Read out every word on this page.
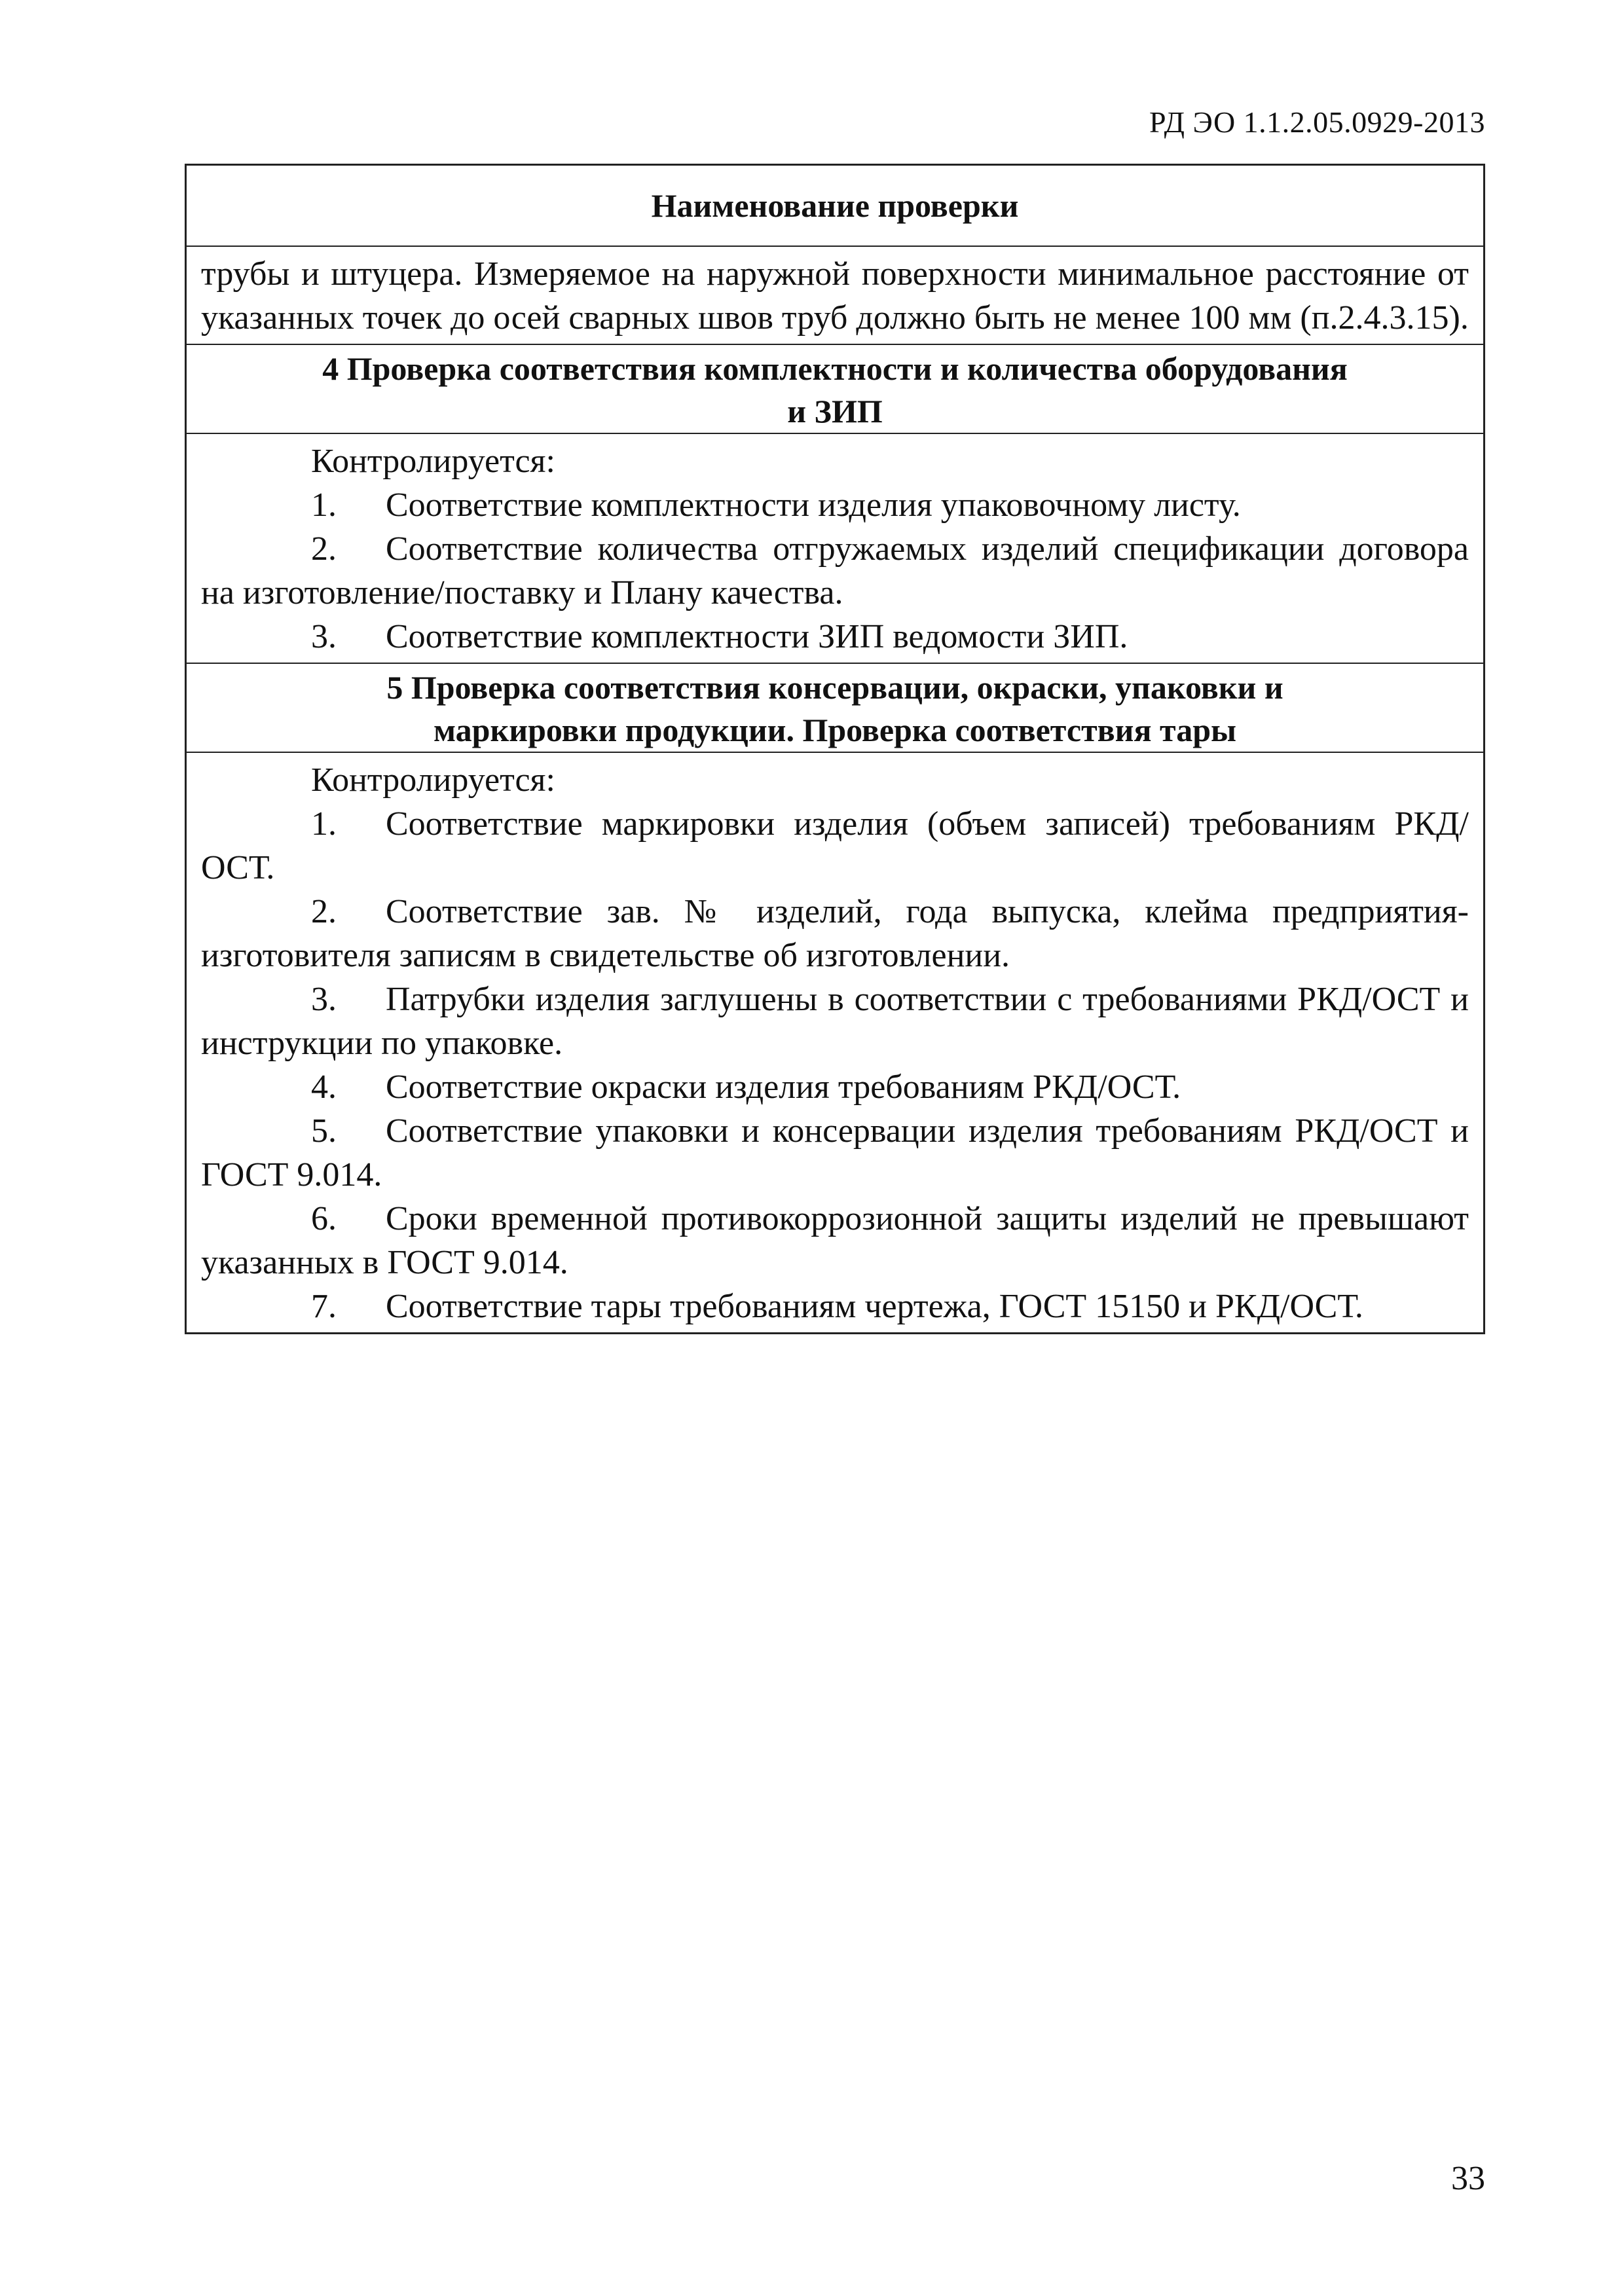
РД ЭО 1.1.2.05.0929-2013
Наименование проверки

трубы и штуцера. Измеряемое на наружной поверхности минимальное расстояние от указанных точек до осей сварных швов труб должно быть не менее 100 мм (п.2.4.3.15).

4 Проверка соответствия комплектности и количества оборудования
и ЗИП

Контролируется:

1. Соответствие комплектности изделия упаковочному листу.

2. Соответствие количества отгружаемых изделий спецификации договора на изготовление/поставку и Плану качества.

3. Соответствие комплектности ЗИП ведомости ЗИП.

5 Проверка соответствия консервации, окраски, упаковки и
маркировки продукции. Проверка соответствия тары

Контролируется:

1. Соответствие маркировки изделия (объем записей) требованиям РКД/ОСТ.

2. Соответствие зав. № изделий, года выпуска, клейма предприятия-изготовителя записям в свидетельстве об изготовлении.

3. Патрубки изделия заглушены в соответствии с требованиями РКД/ОСТ и инструкции по упаковке.

4. Соответствие окраски изделия требованиям РКД/ОСТ.

5. Соответствие упаковки и консервации изделия требованиям РКД/ОСТ и ГОСТ 9.014.

6. Сроки временной противокоррозионной защиты изделий не превышают указанных в ГОСТ 9.014.

7. Соответствие тары требованиям чертежа, ГОСТ 15150 и РКД/ОСТ.

33
